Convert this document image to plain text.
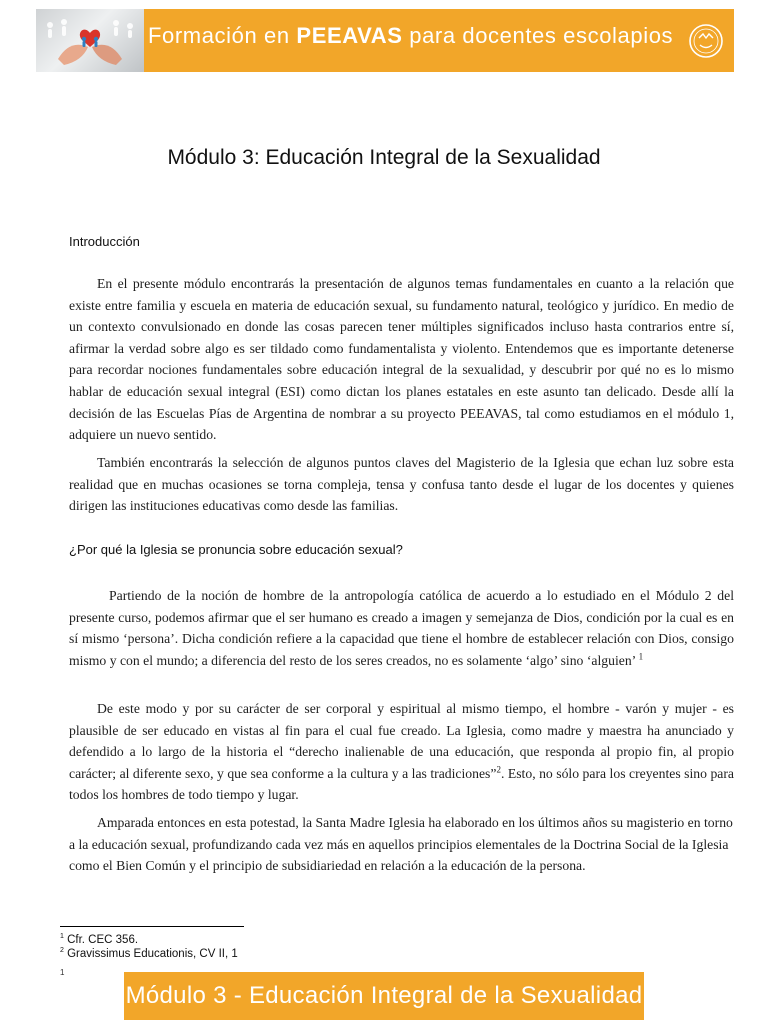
Formación en PEEAVAS para docentes escolapios
Módulo 3: Educación Integral de la Sexualidad
Introducción

En el presente módulo encontrarás la presentación de algunos temas fundamentales en cuanto a la relación que existe entre familia y escuela en materia de educación sexual, su fundamento natural, teológico y jurídico. En medio de un contexto convulsionado en donde las cosas parecen tener múltiples significados incluso hasta contrarios entre sí, afirmar la verdad sobre algo es ser tildado como fundamentalista y violento. Entendemos que es importante detenerse para recordar nociones fundamentales sobre educación integral de la sexualidad, y descubrir por qué no es lo mismo hablar de educación sexual integral (ESI) como dictan los planes estatales en este asunto tan delicado. Desde allí la decisión de las Escuelas Pías de Argentina de nombrar a su proyecto PEEAVAS, tal como estudiamos en el módulo 1, adquiere un nuevo sentido.

También encontrarás la selección de algunos puntos claves del Magisterio de la Iglesia que echan luz sobre esta realidad que en muchas ocasiones se torna compleja, tensa y confusa tanto desde el lugar de los docentes y quienes dirigen las instituciones educativas como desde las familias.

¿Por qué la Iglesia se pronuncia sobre educación sexual?

Partiendo de la noción de hombre de la antropología católica de acuerdo a lo estudiado en el Módulo 2 del presente curso, podemos afirmar que el ser humano es creado a imagen y semejanza de Dios, condición por la cual es en sí mismo ‘persona’. Dicha condición refiere a la capacidad que tiene el hombre de establecer relación con Dios, consigo mismo y con el mundo; a diferencia del resto de los seres creados, no es solamente ‘algo’ sino ‘alguien’ $^1$

De este modo y por su carácter de ser corporal y espiritual al mismo tiempo, el hombre - varón y mujer - es plausible de ser educado en vistas al fin para el cual fue creado. La Iglesia, como madre y maestra ha anunciado y defendido a lo largo de la historia el “derecho inalienable de una educación, que responda al propio fin, al propio carácter; al diferente sexo, y que sea conforme a la cultura y a las tradiciones”$^2$. Esto, no sólo para los creyentes sino para todos los hombres de todo tiempo y lugar.

Amparada entonces en esta potestad, la Santa Madre Iglesia ha elaborado en los últimos años su magisterio en torno a la educación sexual, profundizando cada vez más en aquellos principios elementales de la Doctrina Social de la Iglesia como el Bien Común y el principio de subsidiariedad en relación a la educación de la persona.

$^1$ Cfr. CEC 356.
$^2$ Gravissimus Educationis, CV II, 1
1
Módulo 3 - Educación Integral de la Sexualidad
